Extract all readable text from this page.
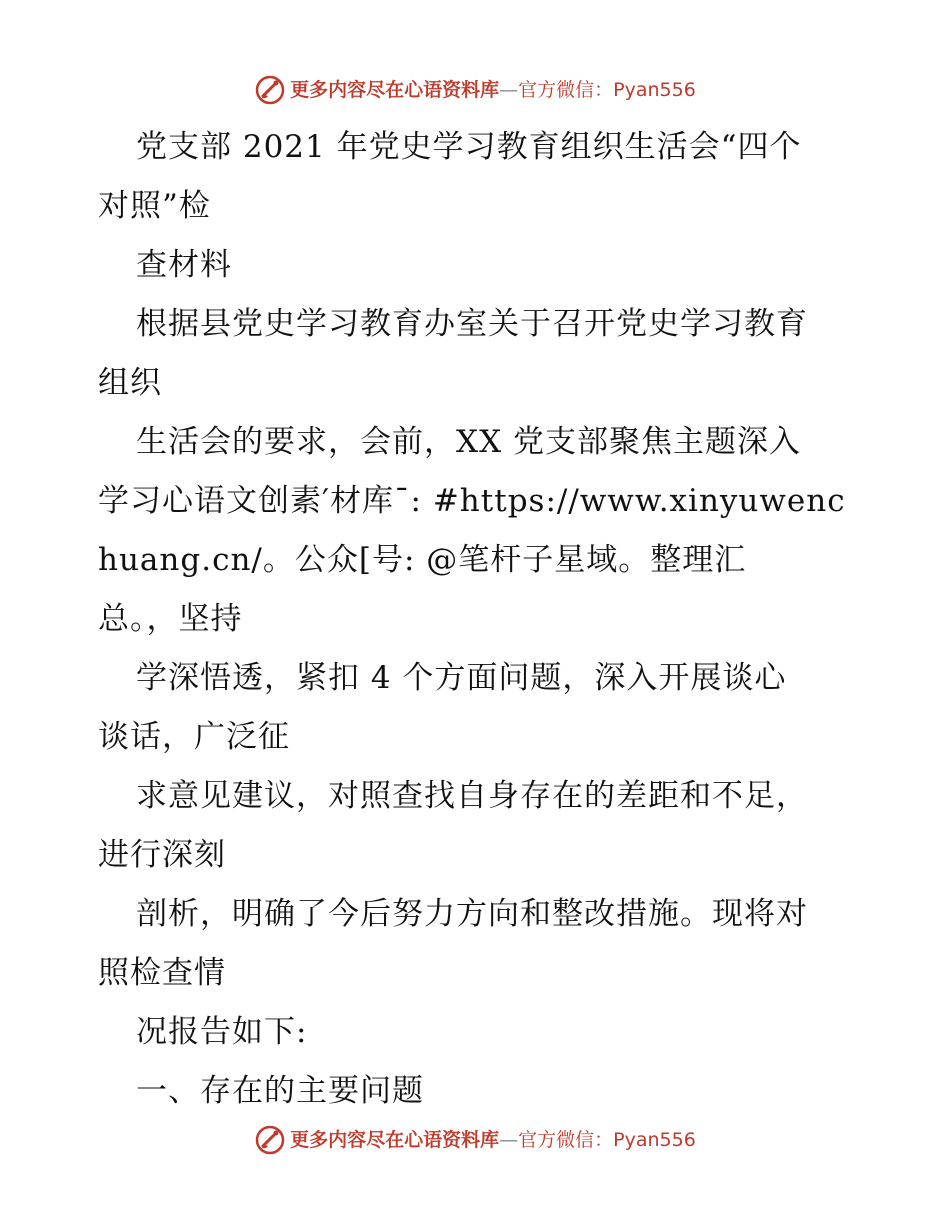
更多内容尽在心语资料库 — 官方微信：Pyan556
党支部 2021 年党史学习教育组织生活会“四个
对照”检
查材料
根据县党史学习教育办室关于召开党史学习教育
组织
生活会的要求，会前，XX 党支部聚焦主题深入
学习心语文创素′材库¯: #https://www.xinyuwenc
huang.cn/。公众[号: @笔杆子星域。整理汇
总。，坚持
学深悟透，紧扣 4 个方面问题，深入开展谈心
谈话，广泛征
求意见建议，对照查找自身存在的差距和不足，
进行深刻
剖析，明确了今后努力方向和整改措施。现将对
照检查情
况报告如下:
一、存在的主要问题
更多内容尽在心语资料库 — 官方微信：Pyan556
